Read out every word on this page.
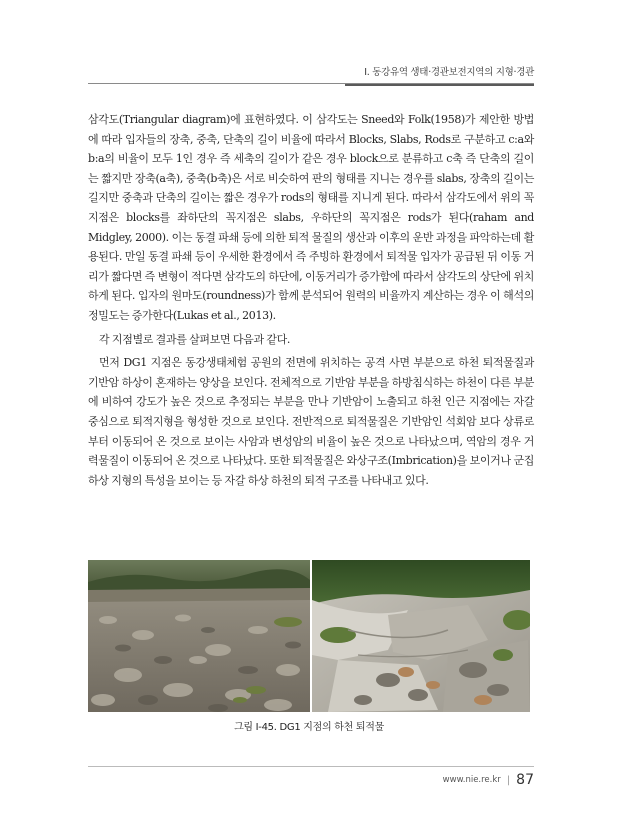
I. 동강유역 생태·경관보전지역의 지형·경관

삼각도(Triangular diagram)에 표현하였다. 이 삼각도는 Sneed와 Folk(1958)가 제안한 방법에 따라 입자들의 장축, 중축, 단축의 길이 비율에 따라서 Blocks, Slabs, Rods로 구분하고 c:a와 b:a의 비율이 모두 1인 경우 즉 세축의 길이가 같은 경우 block으로 분류하고 c축 즉 단축의 길이는 짧지만 장축(a축), 중축(b축)은 서로 비슷하여 판의 형태를 지니는 경우를 slabs, 장축의 길이는 길지만 중축과 단축의 길이는 짧은 경우가 rods의 형태를 지니게 된다. 따라서 삼각도에서 위의 꼭지점은 blocks를 좌하단의 꼭지점은 slabs, 우하단의 꼭지점은 rods가 된다(raham and Midgley, 2000). 이는 동결 파쇄 등에 의한 퇴적 물질의 생산과 이후의 운반 과정을 파악하는데 활용된다. 만일 동결 파쇄 등이 우세한 환경에서 즉 주빙하 환경에서 퇴적물 입자가 공급된 뒤 이동 거리가 짧다면 즉 변형이 적다면 삼각도의 하단에, 이동거리가 증가함에 따라서 삼각도의 상단에 위치하게 된다. 입자의 원마도(roundness)가 함께 분석되어 원력의 비율까지 계산하는 경우 이 해석의 정밀도는 증가한다(Lukas et al., 2013).

각 지점별로 결과를 살펴보면 다음과 같다.

먼저 DG1 지점은 동강생태체험 공원의 전면에 위치하는 공격 사면 부분으로 하천 퇴적물질과 기반암 하상이 혼재하는 양상을 보인다. 전체적으로 기반암 부분을 하방침식하는 하천이 다른 부분에 비하여 강도가 높은 것으로 추정되는 부분을 만나 기반암이 노출되고 하천 인근 지점에는 자갈 중심으로 퇴적지형을 형성한 것으로 보인다. 전반적으로 퇴적물질은 기반암인 석회암 보다 상류로부터 이동되어 온 것으로 보이는 사암과 변성암의 비율이 높은 것으로 나타났으며, 역암의 경우 거력물질이 이동되어 온 것으로 나타났다. 또한 퇴적물질은 와상구조(Imbrication)을 보이거나 군집하상 지형의 특성을 보이는 등 자갈 하상 하천의 퇴적 구조를 나타내고 있다.

그림 Ⅰ-45. DG1 지점의 하천 퇴적물
www.nie.re.kr | 87
